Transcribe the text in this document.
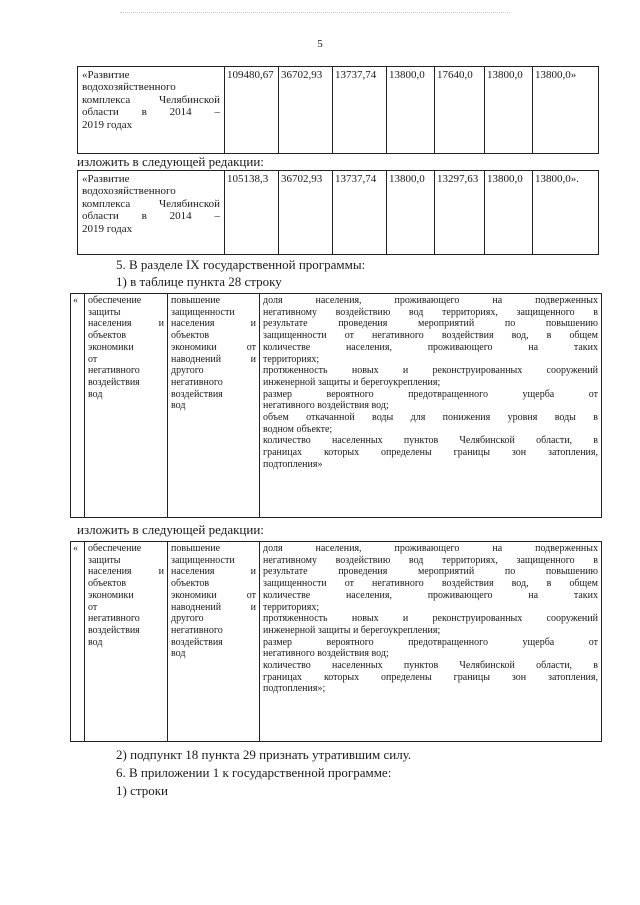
5
«Развитие
водохозяйственного
комплекса Челябинской
области в 2014 –
2019 годах
	109480,67	36702,93	13737,74	13800,0	17640,0	13800,0	13800,0»
изложить в следующей редакции:
«Развитие
водохозяйственного
комплекса Челябинской
области в 2014 –
2019 годах
	105138,3	36702,93	13737,74	13800,0	13297,63	13800,0	13800,0».
5. В разделе IX государственной программы:
1) в таблице пункта 28 строку
«	обеспечение
защиты
населения и
объектов
экономики
от
негативного
воздействия
вод

повышение
защищенности
населения и
объектов
экономики от
наводнений и
другого
негативного
воздействия
вод

доля населения, проживающего на подверженных
негативному воздействию вод территориях, защищенного в
результате проведения мероприятий по повышению
защищенности от негативного воздействия вод, в общем
количестве населения, проживающего на таких
территориях;
протяженность новых и реконструированных сооружений
инженерной защиты и берегоукрепления;
размер вероятного предотвращенного ущерба от
негативного воздействия вод;
объем откачанной воды для понижения уровня воды в
водном объекте;
количество населенных пунктов Челябинской области, в
границах которых определены границы зон затопления,
подтопления»
изложить в следующей редакции:
«	обеспечение
защиты
населения и
объектов
экономики
от
негативного
воздействия
вод

повышение
защищенности
населения и
объектов
экономики от
наводнений и
другого
негативного
воздействия
вод

доля населения, проживающего на подверженных
негативному воздействию вод территориях, защищенного в
результате проведения мероприятий по повышению
защищенности от негативного воздействия вод, в общем
количестве населения, проживающего на таких
территориях;
протяженность новых и реконструированных сооружений
инженерной защиты и берегоукрепления;
размер вероятного предотвращенного ущерба от
негативного воздействия вод;
количество населенных пунктов Челябинской области, в
границах которых определены границы зон затопления,
подтопления»;
2) подпункт 18 пункта 29 признать утратившим силу.
6. В приложении 1 к государственной программе:
1) строки
